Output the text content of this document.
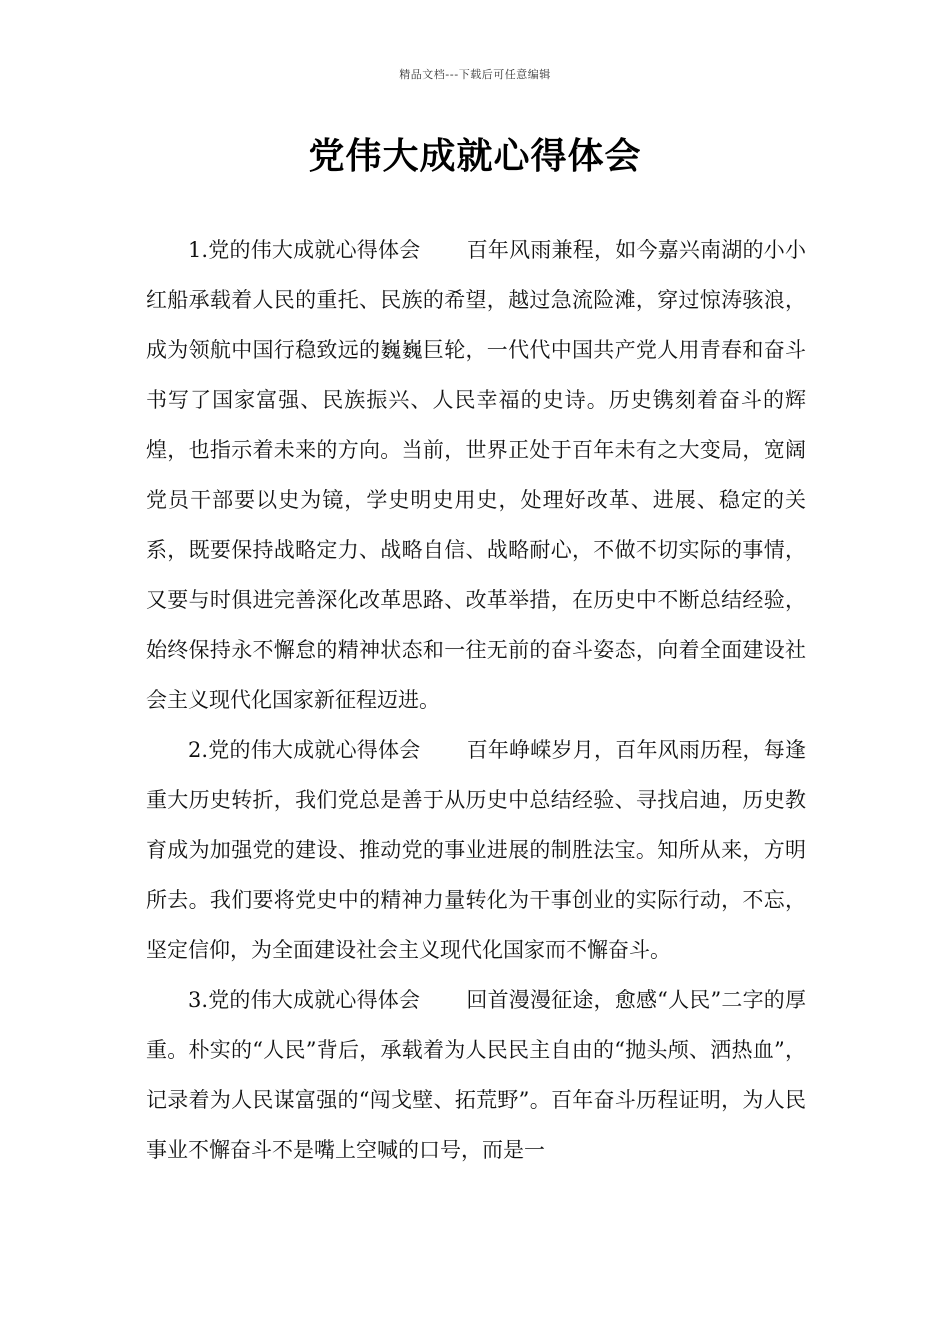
精品文档---下载后可任意编辑
党伟大成就心得体会

1.党的伟大成就心得体会 百年风雨兼程，如今嘉兴南湖的小小红船承载着人民的重托、民族的希望，越过急流险滩，穿过惊涛骇浪，成为领航中国行稳致远的巍巍巨轮，一代代中国共产党人用青春和奋斗书写了国家富强、民族振兴、人民幸福的史诗。历史镌刻着奋斗的辉煌，也指示着未来的方向。当前，世界正处于百年未有之大变局，宽阔党员干部要以史为镜，学史明史用史，处理好改革、进展、稳定的关系，既要保持战略定力、战略自信、战略耐心，不做不切实际的事情，又要与时俱进完善深化改革思路、改革举措，在历史中不断总结经验，始终保持永不懈怠的精神状态和一往无前的奋斗姿态，向着全面建设社会主义现代化国家新征程迈进。

2.党的伟大成就心得体会 百年峥嵘岁月，百年风雨历程，每逢重大历史转折，我们党总是善于从历史中总结经验、寻找启迪，历史教育成为加强党的建设、推动党的事业进展的制胜法宝。知所从来，方明所去。我们要将党史中的精神力量转化为干事创业的实际行动，不忘，坚定信仰，为全面建设社会主义现代化国家而不懈奋斗。

3.党的伟大成就心得体会 回首漫漫征途，愈感“人民”二字的厚重。朴实的“人民”背后，承载着为人民民主自由的“抛头颅、洒热血”，记录着为人民谋富强的“闯戈壁、拓荒野”。百年奋斗历程证明，为人民事业不懈奋斗不是嘴上空喊的口号，而是一
